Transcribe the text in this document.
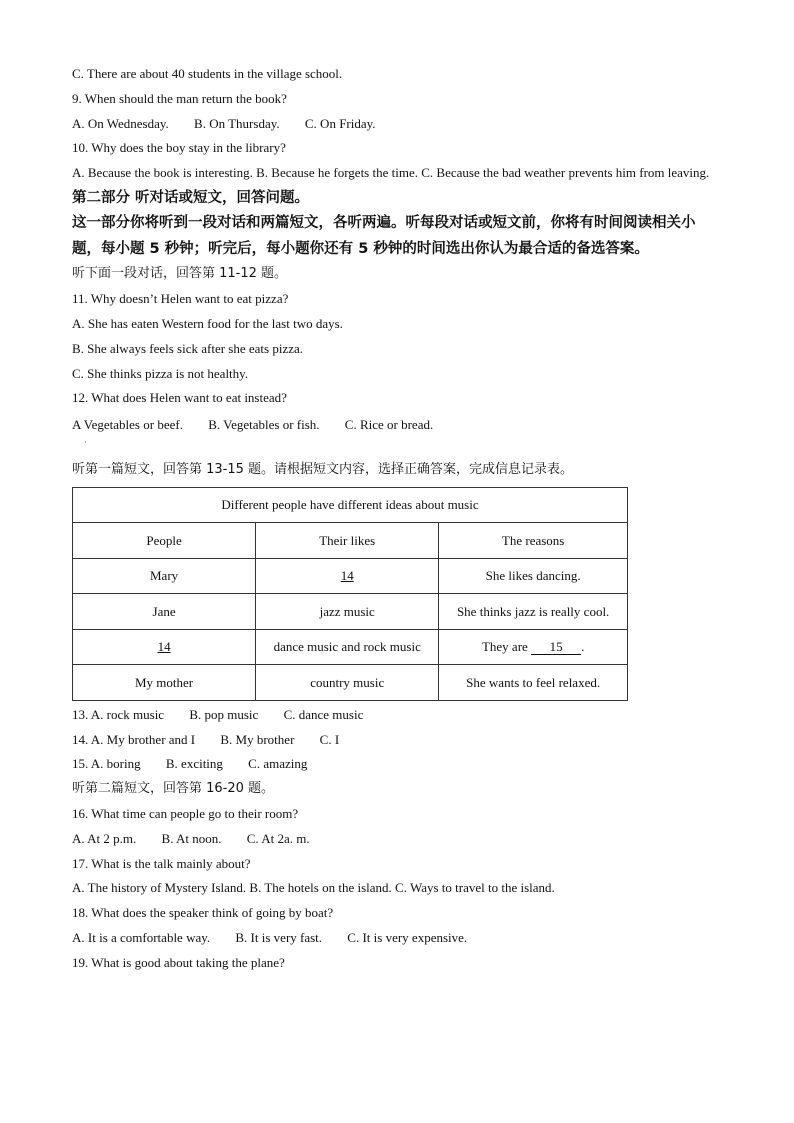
C. There are about 40 students in the village school.
9. When should the man return the book?
A. On Wednesday. B. On Thursday. C. On Friday.
10. Why does the boy stay in the library?
A. Because the book is interesting. B. Because he forgets the time. C. Because the bad weather prevents him from leaving.
第二部分 听对话或短文，回答问题。
这一部分你将听到一段对话和两篇短文，各听两遍。听每段对话或短文前，你将有时间阅读相关小题，每小题 5 秒钟；听完后，每小题你还有 5 秒钟的时间选出你认为最合适的备选答案。
听下面一段对话，回答第 11-12 题。
11. Why doesn’t Helen want to eat pizza?
A. She has eaten Western food for the last two days.
B. She always feels sick after she eats pizza.
C. She thinks pizza is not healthy.
12. What does Helen want to eat instead?
A Vegetables or beef. B. Vegetables or fish. C. Rice or bread.
·
听第一篇短文，回答第 13-15 题。请根据短文内容，选择正确答案，完成信息记录表。
Different people have different ideas about music		
People	Their likes	The reasons
Mary	14	She likes dancing.
Jane	jazz music	She thinks jazz is really cool.
14	dance music and rock music	They are 15 .
My mother	country music	She wants to feel relaxed.
13. A. rock music B. pop music C. dance music
14. A. My brother and I B. My brother C. I
15. A. boring B. exciting C. amazing
听第二篇短文，回答第 16-20 题。
16. What time can people go to their room?
A. At 2 p.m. B. At noon. C. At 2a. m.
17. What is the talk mainly about?
A. The history of Mystery Island. B. The hotels on the island. C. Ways to travel to the island.
18. What does the speaker think of going by boat?
A. It is a comfortable way. B. It is very fast. C. It is very expensive.
19. What is good about taking the plane?
